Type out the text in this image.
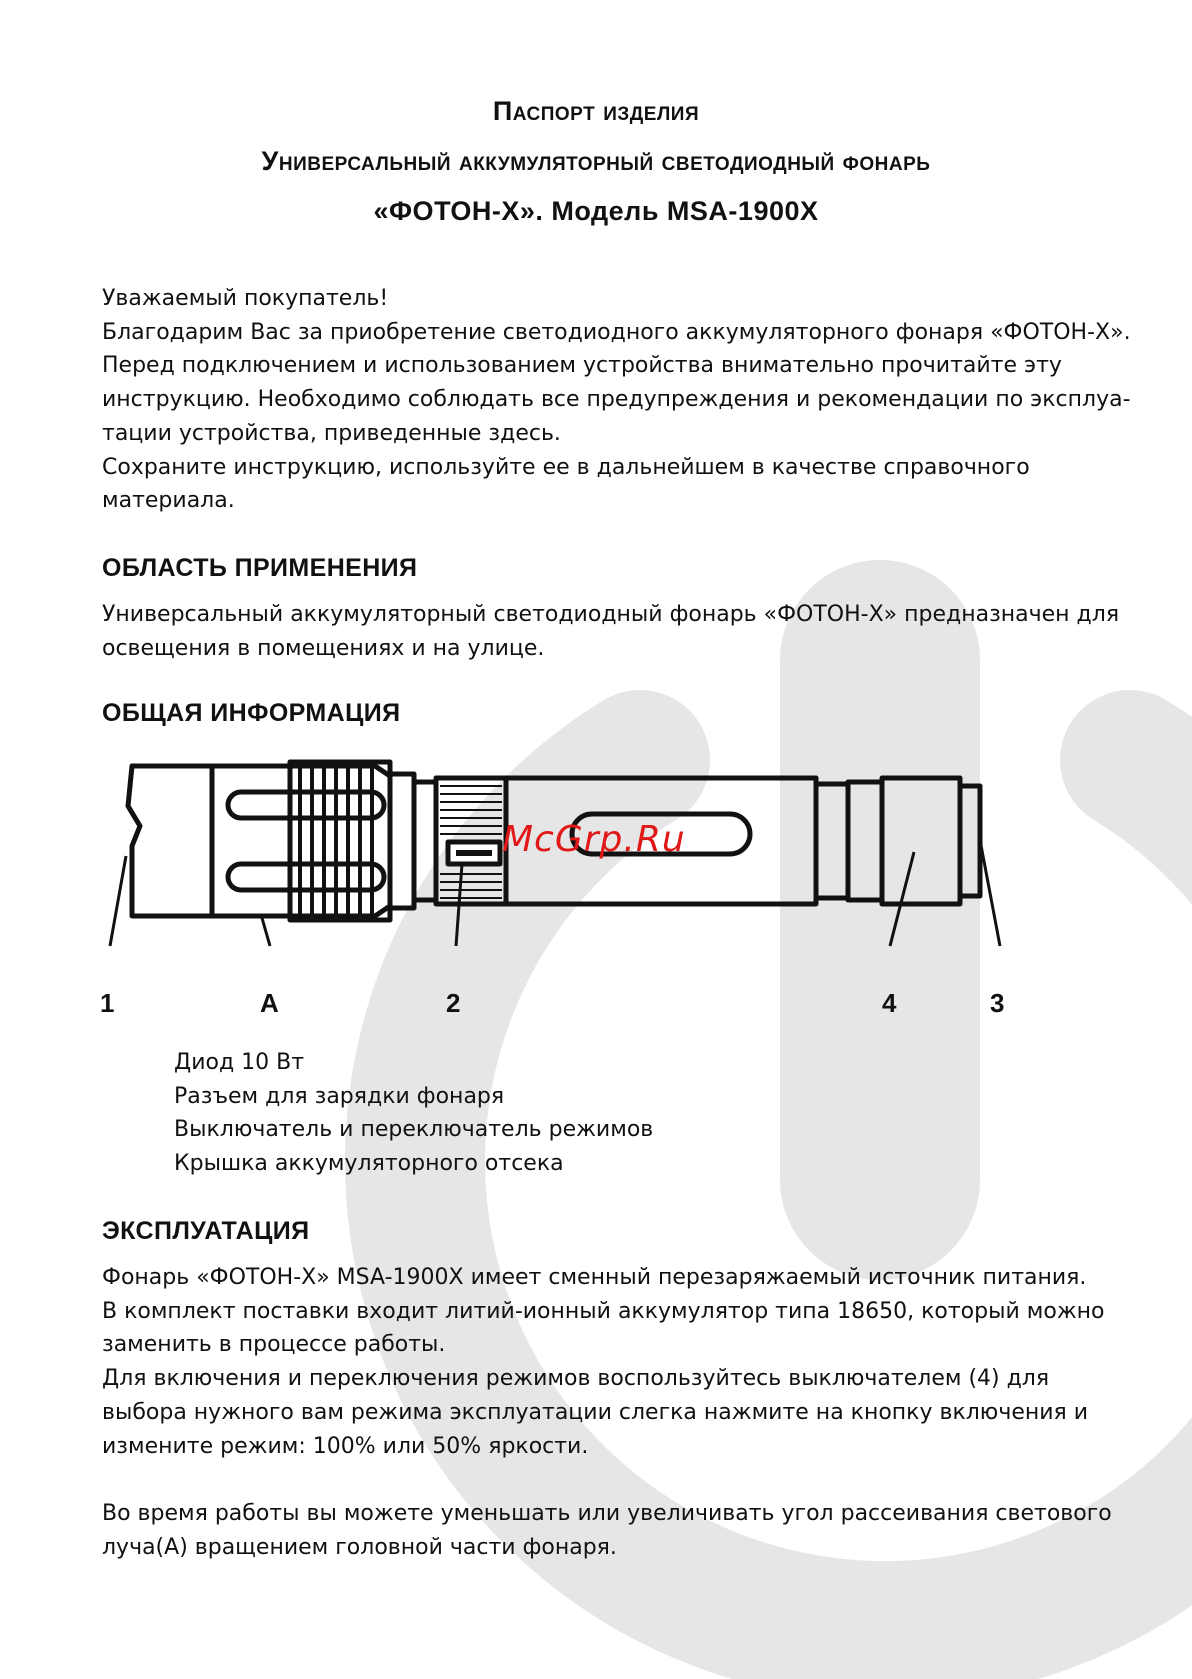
Паспорт изделия
Универсальный аккумуляторный светодиодный фонарь
«ФОТОН-Х». Модель MSA-1900X
Уважаемый покупатель!
Благодарим Вас за приобретение светодиодного аккумуляторного фонаря «ФОТОН-Х».
Перед подключением и использованием устройства внимательно прочитайте эту
инструкцию. Необходимо соблюдать все предупреждения и рекомендации по эксплуа-
тации устройства, приведенные здесь.
Сохраните инструкцию, используйте ее в дальнейшем в качестве справочного
материала.
ОБЛАСТЬ ПРИМЕНЕНИЯ
Универсальный аккумуляторный светодиодный фонарь «ФОТОН-Х» предназначен для
освещения в помещениях и на улице.
ОБЩАЯ ИНФОРМАЦИЯ
1	A	2	4	3
McGrp.Ru
Диод 10 Вт
Разъем для зарядки фонаря
Выключатель и переключатель режимов
Крышка аккумуляторного отсека
ЭКСПЛУАТАЦИЯ
Фонарь «ФОТОН-Х» MSA-1900X имеет сменный перезаряжаемый источник питания.
В комплект поставки входит литий-ионный аккумулятор типа 18650, который можно
заменить в процессе работы.
Для включения и переключения режимов воспользуйтесь выключателем (4) для
выбора нужного вам режима эксплуатации слегка нажмите на кнопку включения и
измените режим: 100% или 50% яркости.
Во время работы вы можете уменьшать или увеличивать угол рассеивания светового
луча(А) вращением головной части фонаря.
